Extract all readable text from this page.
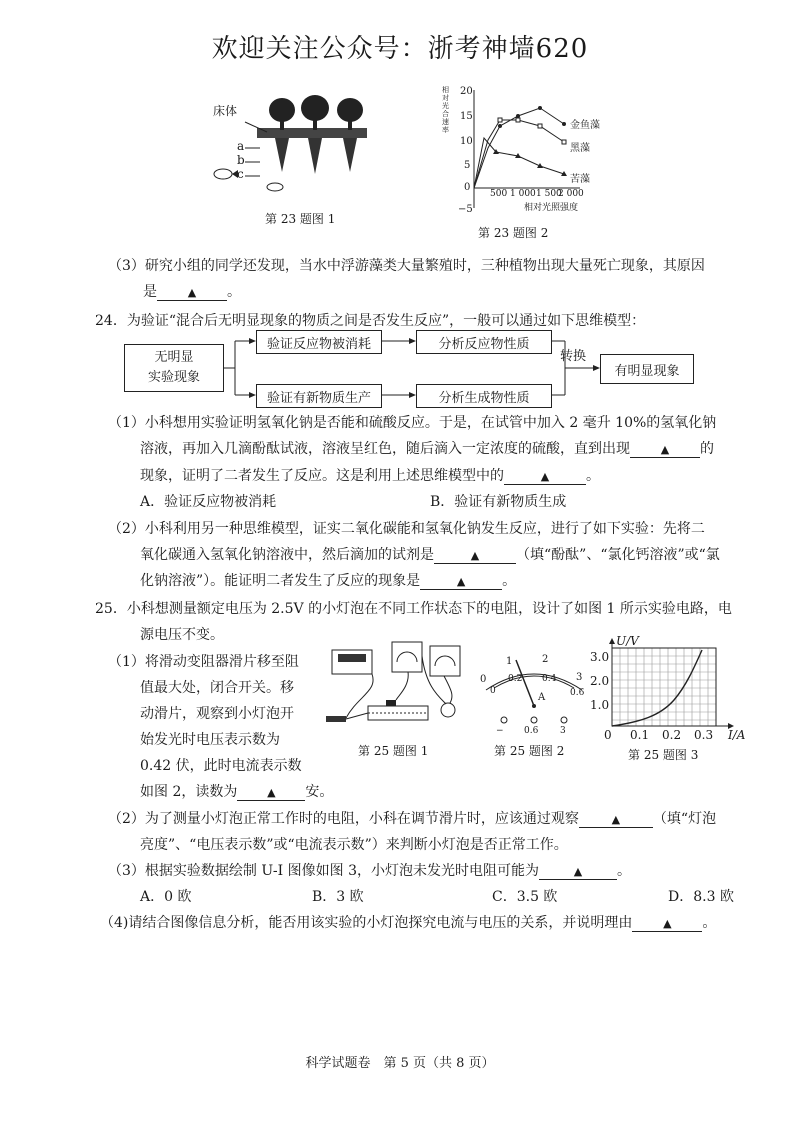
欢迎关注公众号：浙考神墙620
床体
a
b
c
第 23 题图 1
相对光合速率
20
15
10
5
0
−5
500 1 000 1 500
2 000
相对光照强度
金鱼藻
黑藻
苦藻
第 23 题图 2
（3）研究小组的同学还发现，当水中浮游藻类大量繁殖时，三种植物出现大量死亡现象，其原因
是	▲ 。
24．为验证“混合后无明显现象的物质之间是否发生反应”，一般可以通过如下思维模型：
无明显
实验现象
验证反应物被消耗	分析反应物性质
验证有新物质生产	分析生成物性质
转换
有明显现象
（1）小科想用实验证明氢氧化钠是否能和硫酸反应。于是，在试管中加入 2 毫升 10%的氢氧化钠
溶液，再加入几滴酚酞试液，溶液呈红色，随后滴入一定浓度的硫酸，直到出现	▲ 的
现象，证明了二者发生了反应。这是利用上述思维模型中的	▲	。
A．验证反应物被消耗	B．验证有新物质生成
（2）小科利用另一种思维模型，证实二氧化碳能和氢氧化钠发生反应，进行了如下实验：先将二
氧化碳通入氢氧化钠溶液中，然后滴加的试剂是	▲	（填“酚酞”、“氯化钙溶液”或“氯
化钠溶液”）。能证明二者发生了反应的现象是	▲	。
25．小科想测量额定电压为 2.5V 的小灯泡在不同工作状态下的电阻，设计了如图 1 所示实验电路，电
源电压不变。
（1）将滑动变阻器滑片移至阻
值最大处，闭合开关。移
动滑片，观察到小灯泡开
始发光时电压表示数为
0.42 伏，此时电流表示数
如图 2，读数为	▲ 安。
第 25 题图 1
0
1	2
3
0
0.2 0.4
0.6
A
− 0.6 3
第 25 题图 2
U/V
3.0
2.0
1.0
0 0.1 0.2 0.3 I/A
第 25 题图 3
（2）为了测量小灯泡正常工作时的电阻，小科在调节滑片时，应该通过观察	▲ （填“灯泡
亮度”、“电压表示数”或“电流表示数”）来判断小灯泡是否正常工作。
（3）根据实验数据绘制 U-I 图像如图 3，小灯泡未发光时电阻可能为	▲ 。
A．0 欧	B．3 欧	C．3.5 欧	D．8.3 欧
（4)请结合图像信息分析，能否用该实验的小灯泡探究电流与电压的关系，并说明理由	▲ 。
科学试题卷　第 5 页（共 8 页）
